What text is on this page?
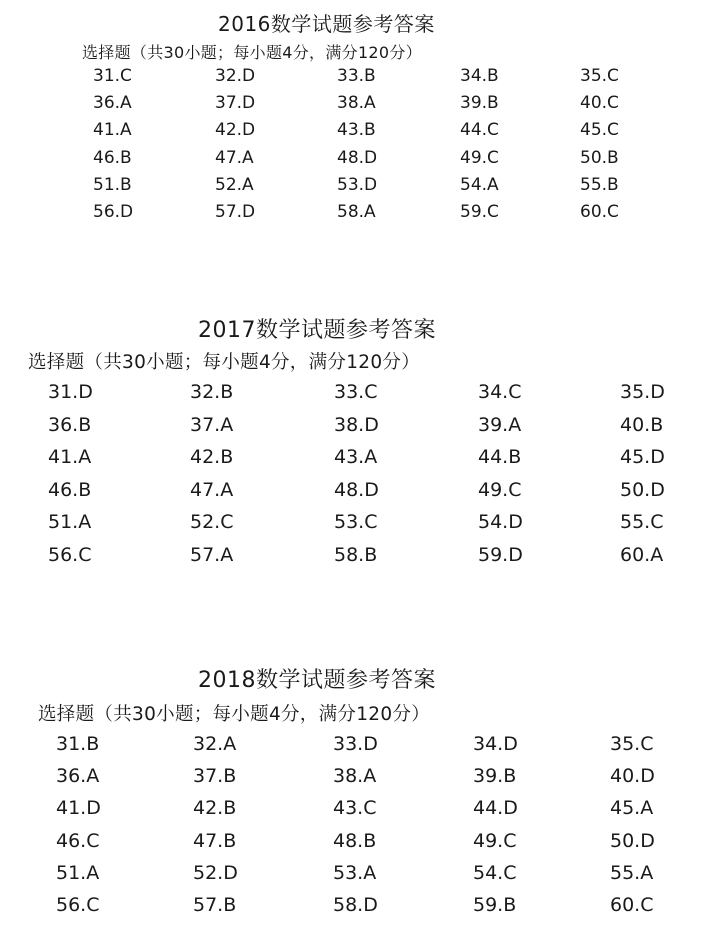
2016数学试题参考答案
选择题（共30小题；每小题4分，满分120分）
31.C	32.D	33.B	34.B	35.C
36.A	37.D	38.A	39.B	40.C
41.A	42.D	43.B	44.C	45.C
46.B	47.A	48.D	49.C	50.B
51.B	52.A	53.D	54.A	55.B
56.D	57.D	58.A	59.C	60.C
2017数学试题参考答案
选择题（共30小题；每小题4分，满分120分）
31.D	32.B	33.C	34.C	35.D
36.B	37.A	38.D	39.A	40.B
41.A	42.B	43.A	44.B	45.D
46.B	47.A	48.D	49.C	50.D
51.A	52.C	53.C	54.D	55.C
56.C	57.A	58.B	59.D	60.A
2018数学试题参考答案
选择题（共30小题；每小题4分，满分120分）
31.B	32.A	33.D	34.D	35.C
36.A	37.B	38.A	39.B	40.D
41.D	42.B	43.C	44.D	45.A
46.C	47.B	48.B	49.C	50.D
51.A	52.D	53.A	54.C	55.A
56.C	57.B	58.D	59.B	60.C
